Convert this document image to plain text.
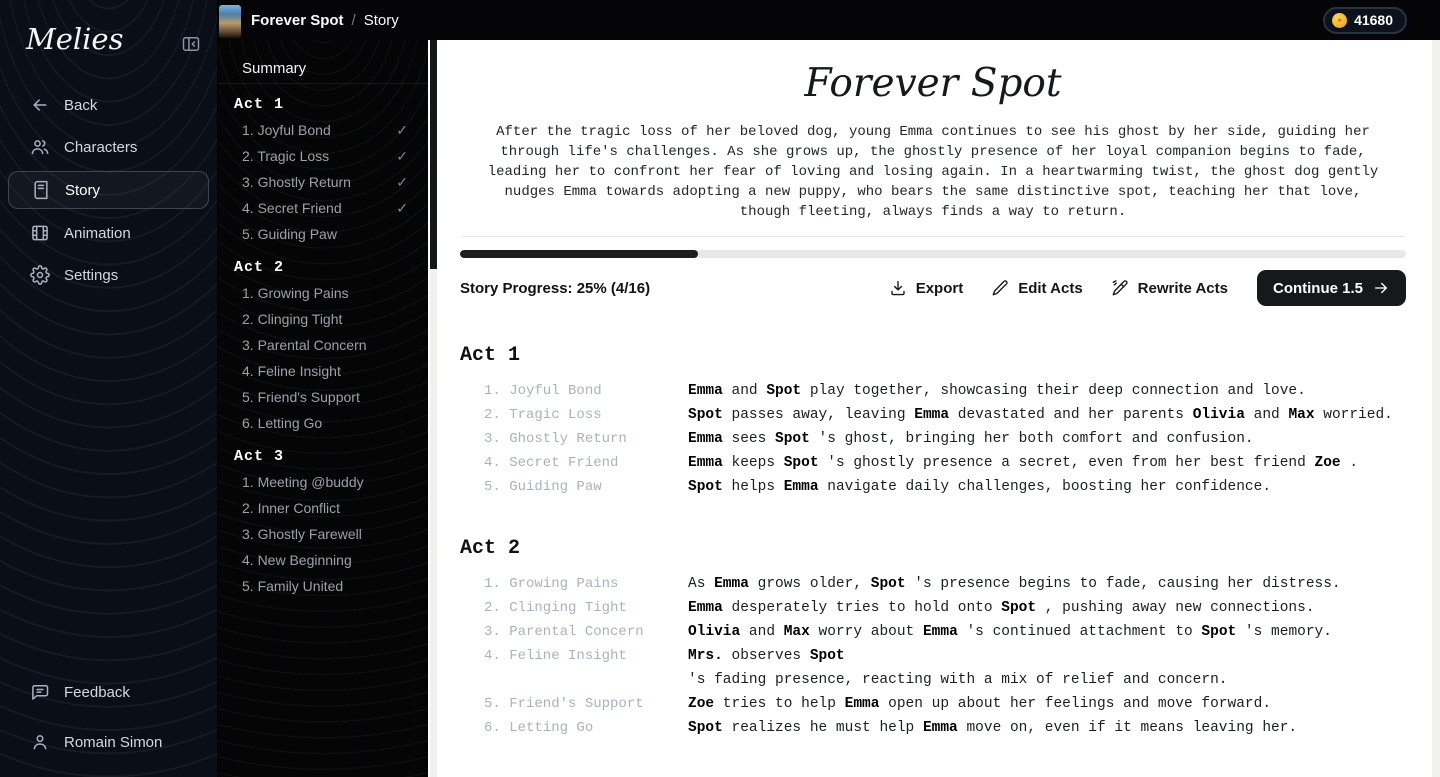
Melies
Back
Characters
Story
Animation
Settings
Feedback
Romain Simon
Summary
Act 1
1. Joyful Bond	✓
2. Tragic Loss	✓
3. Ghostly Return	✓
4. Secret Friend	✓
5. Guiding Paw
Act 2
1. Growing Pains
2. Clinging Tight
3. Parental Concern
4. Feline Insight
5. Friend's Support
6. Letting Go
Act 3
1. Meeting @buddy
2. Inner Conflict
3. Ghostly Farewell
4. New Beginning
5. Family United
Forever Spot / Story	✶ 41680
Forever Spot

After the tragic loss of her beloved dog, young Emma continues to see his ghost by her side, guiding her through life's challenges. As she grows up, the ghostly presence of her loyal companion begins to fade, leading her to confront her fear of loving and losing again. In a heartwarming twist, the ghost dog gently nudges Emma towards adopting a new puppy, who bears the same distinctive spot, teaching her that love, though fleeting, always finds a way to return.

Story Progress: 25% (4/16)	Export	Edit Acts	Rewrite Acts	Continue 1.5
Act 1
1. Joyful Bond	Emma and Spot play together, showcasing their deep connection and love.
2. Tragic Loss	Spot passes away, leaving Emma devastated and her parents Olivia and Max worried.
3. Ghostly Return	Emma sees Spot 's ghost, bringing her both comfort and confusion.
4. Secret Friend	Emma keeps Spot 's ghostly presence a secret, even from her best friend Zoe .
5. Guiding Paw	Spot helps Emma navigate daily challenges, boosting her confidence.
Act 2
1. Growing Pains	As Emma grows older, Spot 's presence begins to fade, causing her distress.
2. Clinging Tight	Emma desperately tries to hold onto Spot , pushing away new connections.
3. Parental Concern	Olivia and Max worry about Emma 's continued attachment to Spot 's memory.
4. Feline Insight	Mrs. observes Spot
's fading presence, reacting with a mix of relief and concern.
5. Friend's Support	Zoe tries to help Emma open up about her feelings and move forward.
6. Letting Go	Spot realizes he must help Emma move on, even if it means leaving her.
